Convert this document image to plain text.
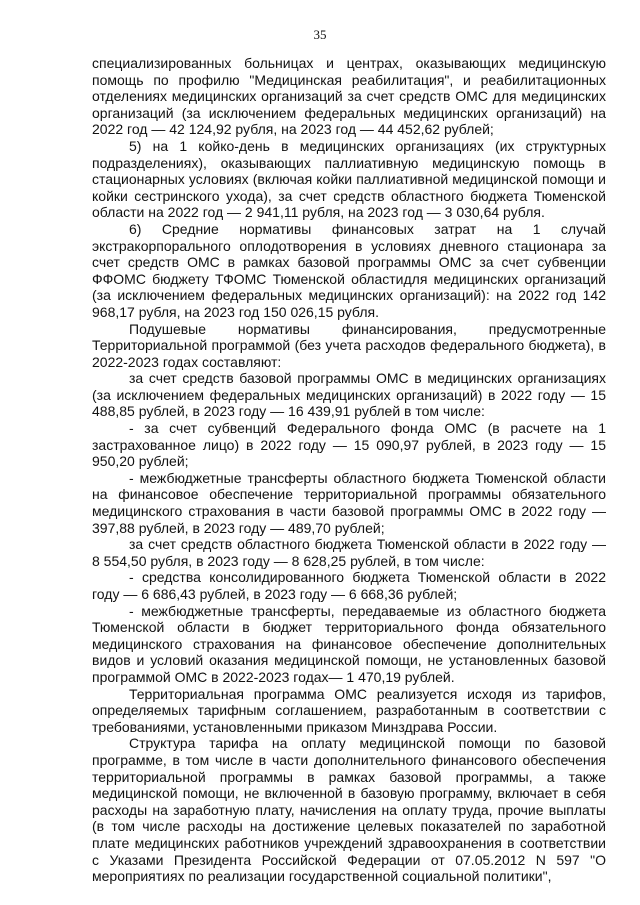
35

специализированных больницах и центрах, оказывающих медицинскую помощь по профилю "Медицинская реабилитация", и реабилитационных отделениях медицинских организаций за счет средств ОМС для медицинских организаций (за исключением федеральных медицинских организаций) на 2022 год — 42 124,92 рубля, на 2023 год — 44 452,62 рублей;

5) на 1 койко-день в медицинских организациях (их структурных подразделениях), оказывающих паллиативную медицинскую помощь в стационарных условиях (включая койки паллиативной медицинской помощи и койки сестринского ухода), за счет средств областного бюджета Тюменской области на 2022 год — 2 941,11 рубля, на 2023 год — 3 030,64 рубля.

6) Средние нормативы финансовых затрат на 1 случай экстракорпорального оплодотворения в условиях дневного стационара за счет средств ОМС в рамках базовой программы ОМС за счет субвенции ФФОМС бюджету ТФОМС Тюменской областидля медицинских организаций (за исключением федеральных медицинских организаций): на 2022 год 142 968,17 рубля, на 2023 год 150 026,15 рубля.

Подушевые нормативы финансирования, предусмотренные Территориальной программой (без учета расходов федерального бюджета), в 2022-2023 годах составляют:

за счет средств базовой программы ОМС в медицинских организациях (за исключением федеральных медицинских организаций) в 2022 году — 15 488,85 рублей, в 2023 году — 16 439,91 рублей в том числе:

- за счет субвенций Федерального фонда ОМС (в расчете на 1 застрахованное лицо) в 2022 году — 15 090,97 рублей, в 2023 году — 15 950,20 рублей;

- межбюджетные трансферты областного бюджета Тюменской области на финансовое обеспечение территориальной программы обязательного медицинского страхования в части базовой программы ОМС в 2022 году — 397,88 рублей, в 2023 году — 489,70 рублей;

за счет средств областного бюджета Тюменской области в 2022 году — 8 554,50 рубля, в 2023 году — 8 628,25 рублей, в том числе:

- средства консолидированного бюджета Тюменской области в 2022 году — 6 686,43 рублей, в 2023 году — 6 668,36 рублей;

- межбюджетные трансферты, передаваемые из областного бюджета Тюменской области в бюджет территориального фонда обязательного медицинского страхования на финансовое обеспечение дополнительных видов и условий оказания медицинской помощи, не установленных базовой программой ОМС в 2022-2023 годах— 1 470,19 рублей.

Территориальная программа ОМС реализуется исходя из тарифов, определяемых тарифным соглашением, разработанным в соответствии с требованиями, установленными приказом Минздрава России.

Структура тарифа на оплату медицинской помощи по базовой программе, в том числе в части дополнительного финансового обеспечения территориальной программы в рамках базовой программы, а также медицинской помощи, не включенной в базовую программу, включает в себя расходы на заработную плату, начисления на оплату труда, прочие выплаты (в том числе расходы на достижение целевых показателей по заработной плате медицинских работников учреждений здравоохранения в соответствии с Указами Президента Российской Федерации от 07.05.2012 N 597 "О мероприятиях по реализации государственной социальной политики",
